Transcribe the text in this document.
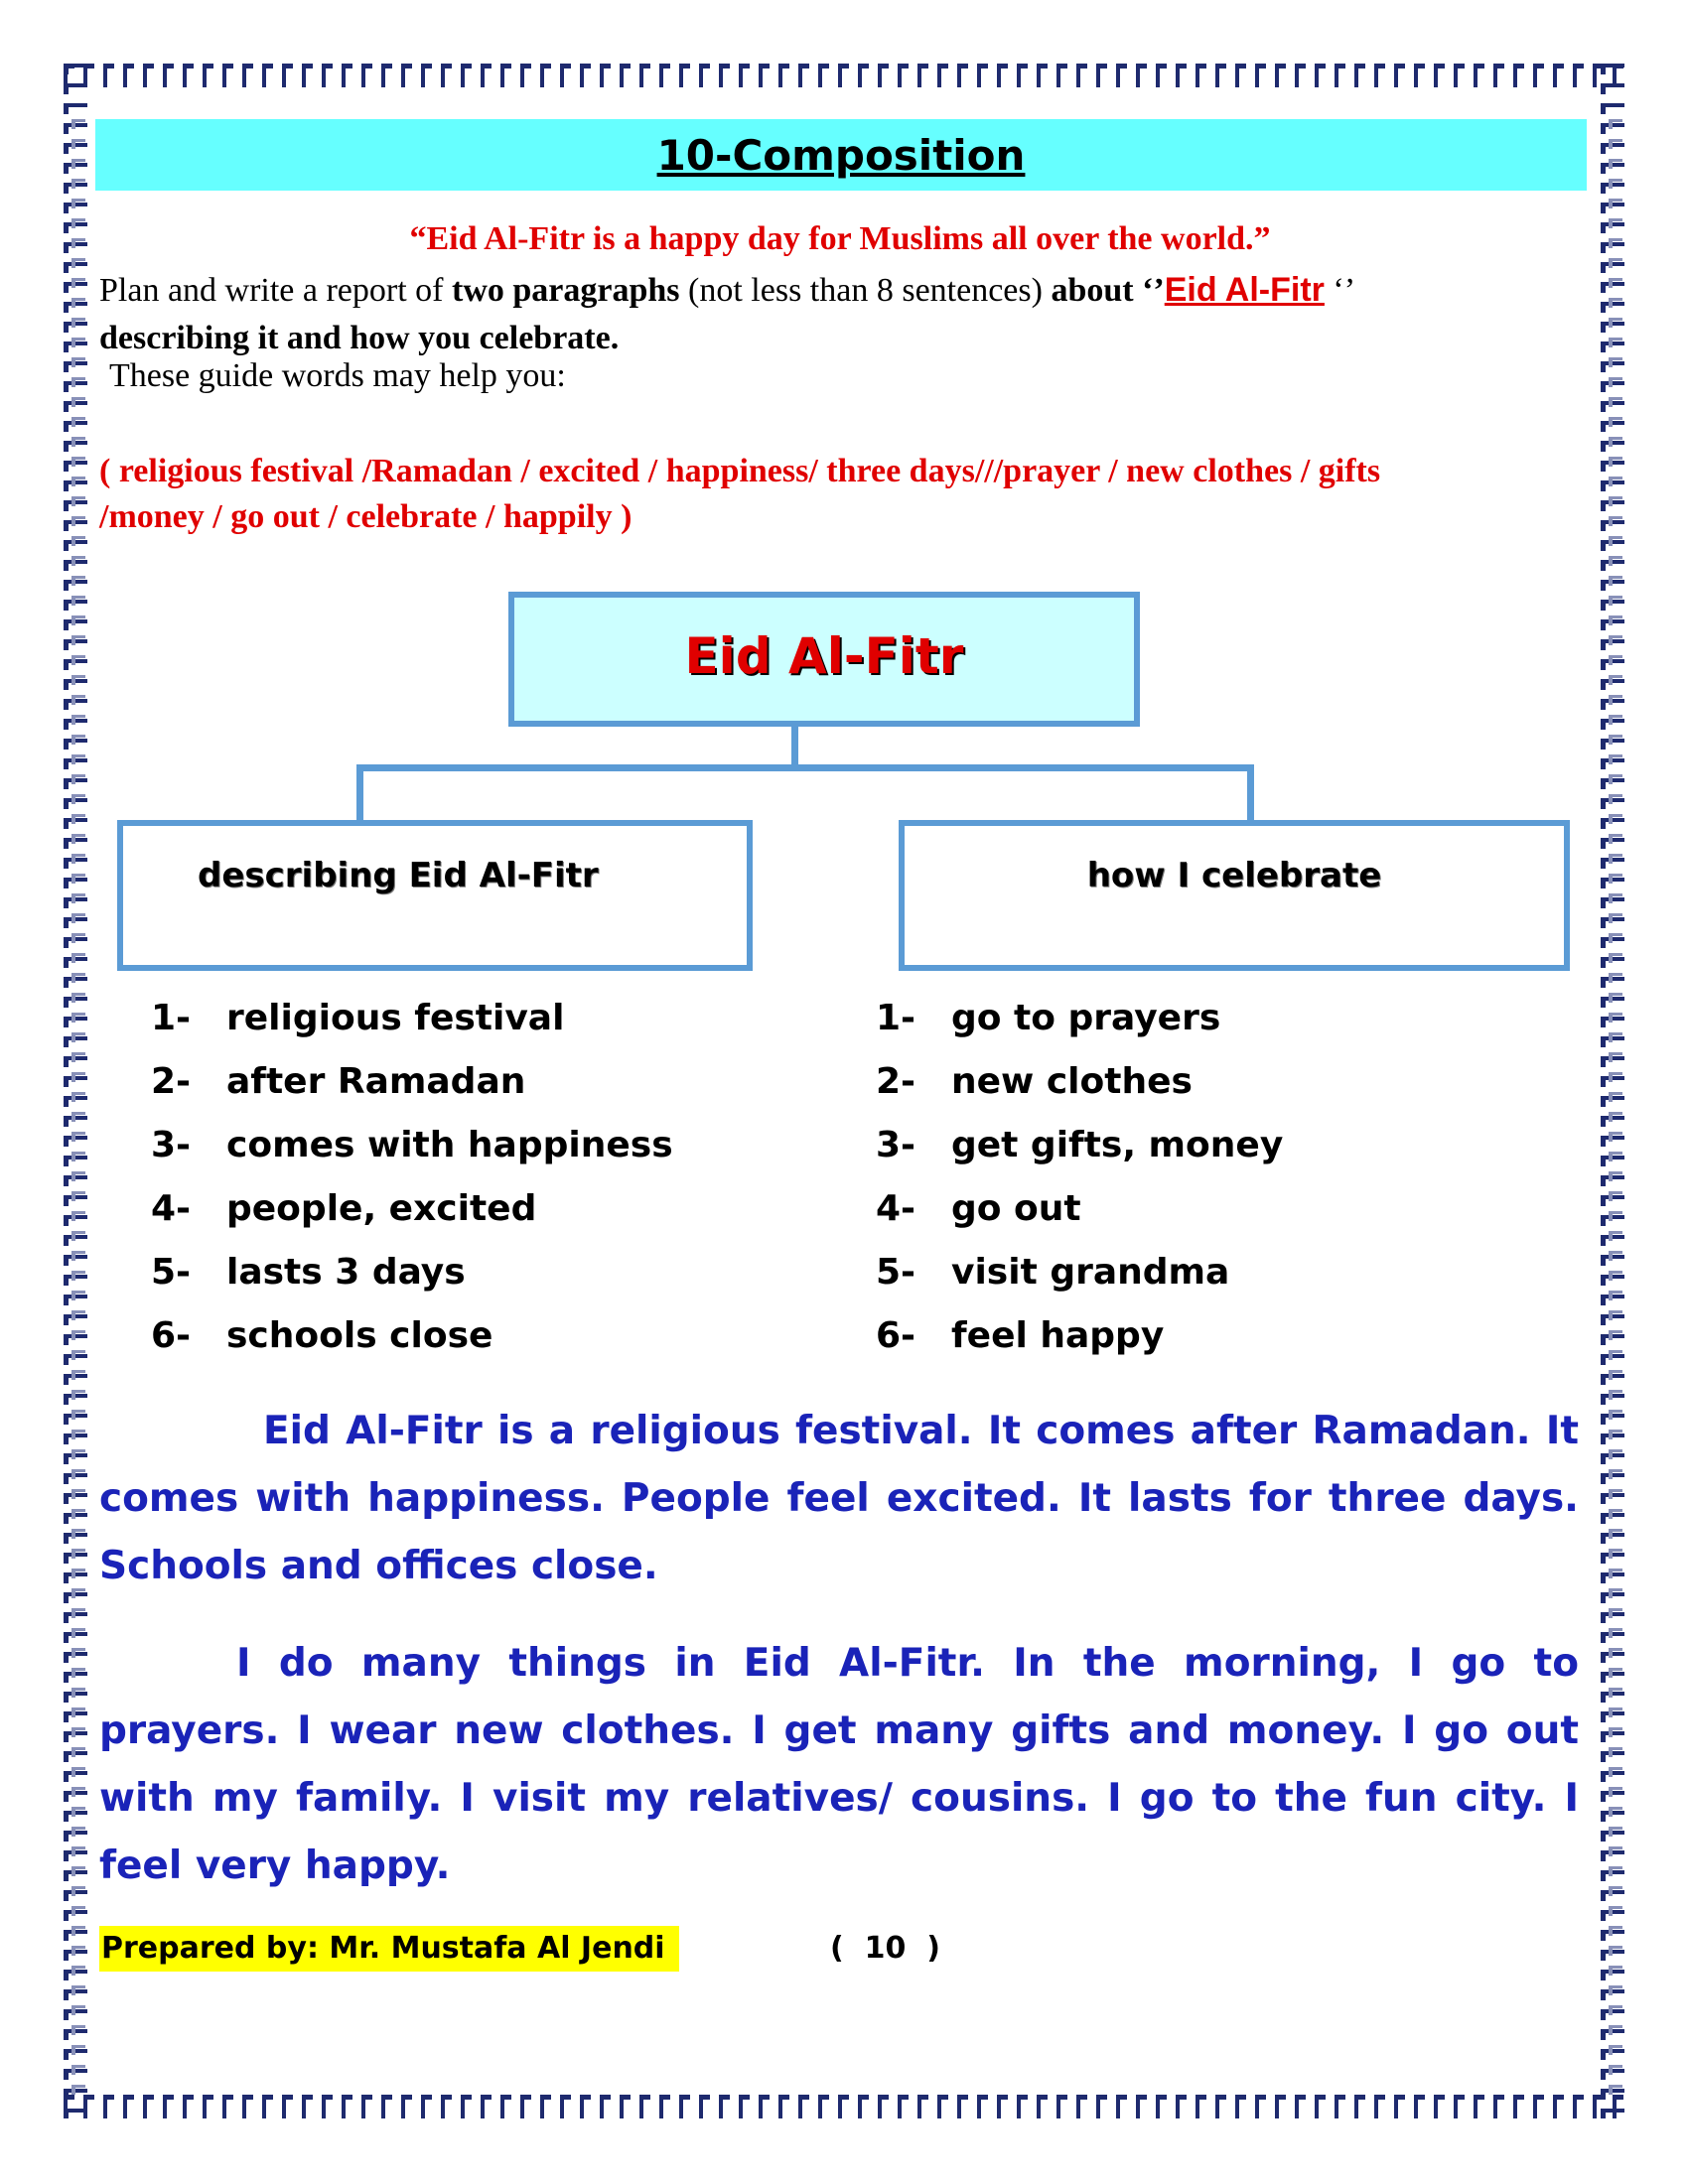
10-Composition
“Eid Al-Fitr is a happy day for Muslims all over the world.”
Plan and write a report of two paragraphs (not less than 8 sentences) about ‘’Eid Al-Fitr ‘’
describing it and how you celebrate.
These guide words may help you:
( religious festival /Ramadan / excited / happiness/ three days///prayer / new clothes / gifts
/money / go out / celebrate / happily )
Eid Al-Fitr
describing Eid Al-Fitr	how I celebrate
1- religious festival
2- after Ramadan
3- comes with happiness
4- people, excited
5- lasts 3 days
6- schools close
1- go to prayers
2- new clothes
3- get gifts, money
4- go out
5- visit grandma
6- feel happy
Eid Al-Fitr is a religious festival. It comes after Ramadan. It comes with happiness. People feel excited. It lasts for three days. Schools and offices close.
I do many things in Eid Al-Fitr. In the morning, I go to prayers. I wear new clothes. I get many gifts and money. I go out with my family. I visit my relatives/ cousins. I go to the fun city. I feel very happy.
Prepared by: Mr. Mustafa Al Jendi	(  10  )
